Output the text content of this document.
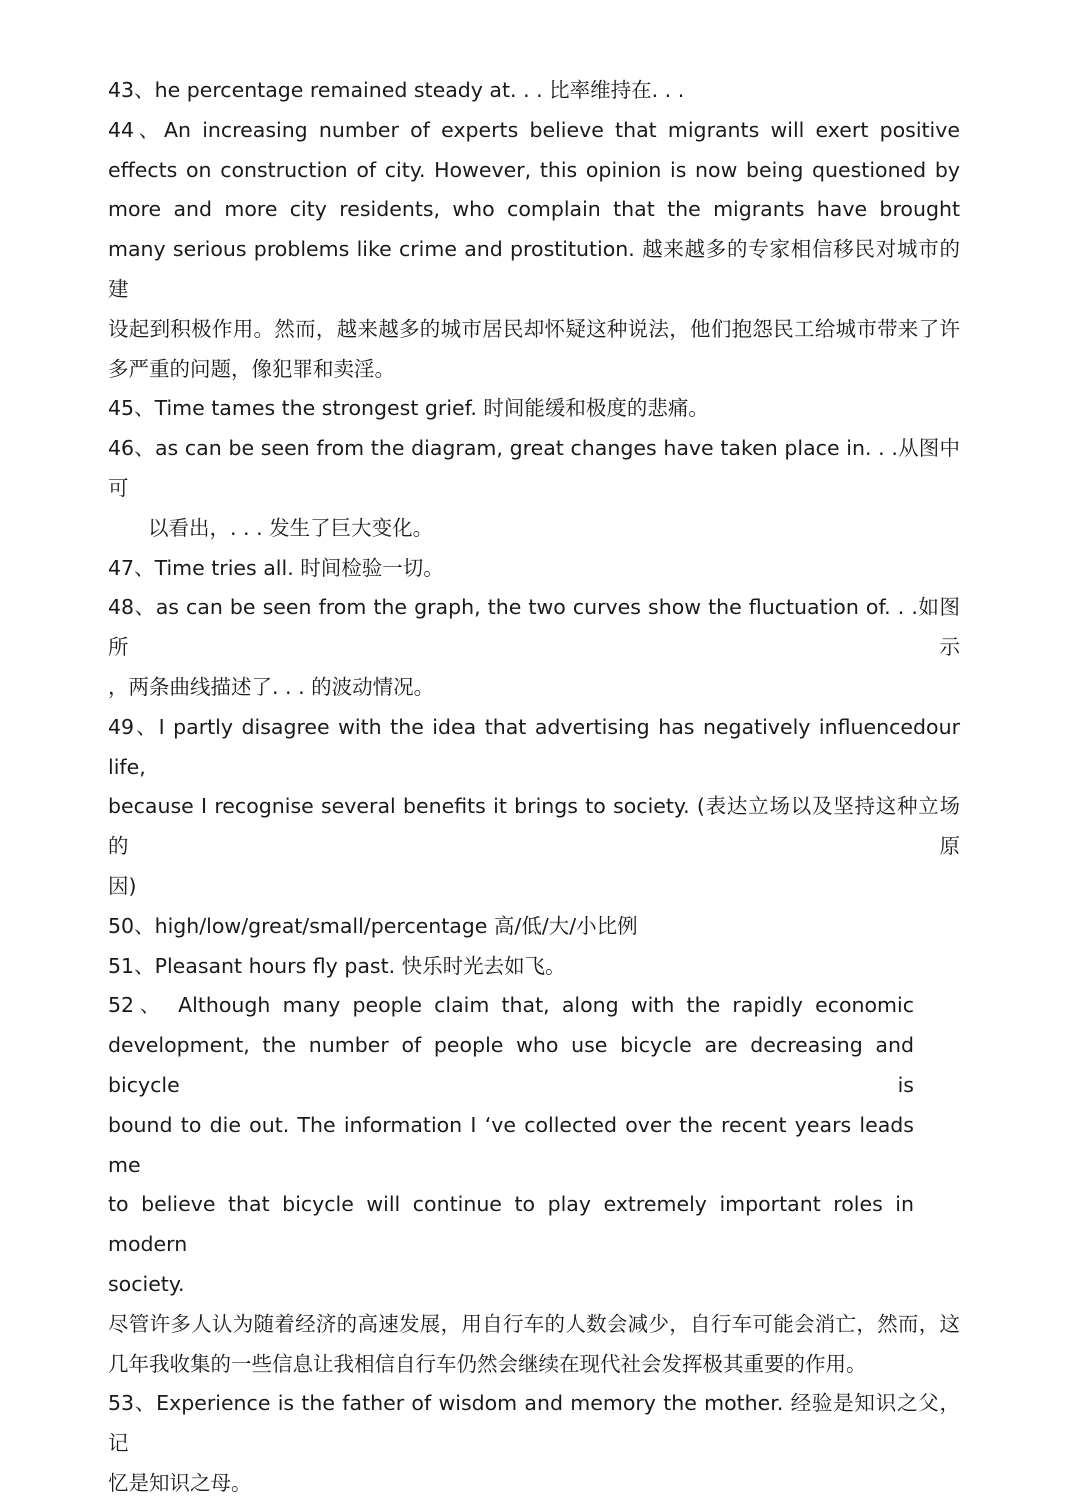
43、he percentage remained steady at. . . 比率维持在. . .
44、An increasing number of experts believe that migrants will exert positive
effects on construction of city. However, this opinion is now being questioned by
more and more city residents, who complain that the migrants have brought
many serious problems like crime and prostitution. 越来越多的专家相信移民对城市的建
设起到积极作用。然而，越来越多的城市居民却怀疑这种说法，他们抱怨民工给城市带来了许
多严重的问题，像犯罪和卖淫。
45、Time tames the strongest grief. 时间能缓和极度的悲痛。
46、as can be seen from the diagram, great changes have taken place in. . .从图中可
以看出，. . . 发生了巨大变化。
47、Time tries all. 时间检验一切。
48、as can be seen from the graph, the two curves show the fluctuation of. . .如图所示
，两条曲线描述了. . . 的波动情况。
49、I partly disagree with the idea that advertising has negatively influencedour life,
because I recognise several benefits it brings to society. (表达立场以及坚持这种立场的原
因)
50、high/low/great/small/percentage 高/低/大/小比例
51、Pleasant hours fly past. 快乐时光去如飞。
52、 Although many people claim that, along with the rapidly economic
development, the number of people who use bicycle are decreasing and bicycle is
bound to die out. The information I ‘ve collected over the recent years leads me
to believe that bicycle will continue to play extremely important roles in modern
society.
尽管许多人认为随着经济的高速发展，用自行车的人数会减少，自行车可能会消亡，然而，这
几年我收集的一些信息让我相信自行车仍然会继续在现代社会发挥极其重要的作用。
53、Experience is the father of wisdom and memory the mother. 经验是知识之父，记
忆是知识之母。
